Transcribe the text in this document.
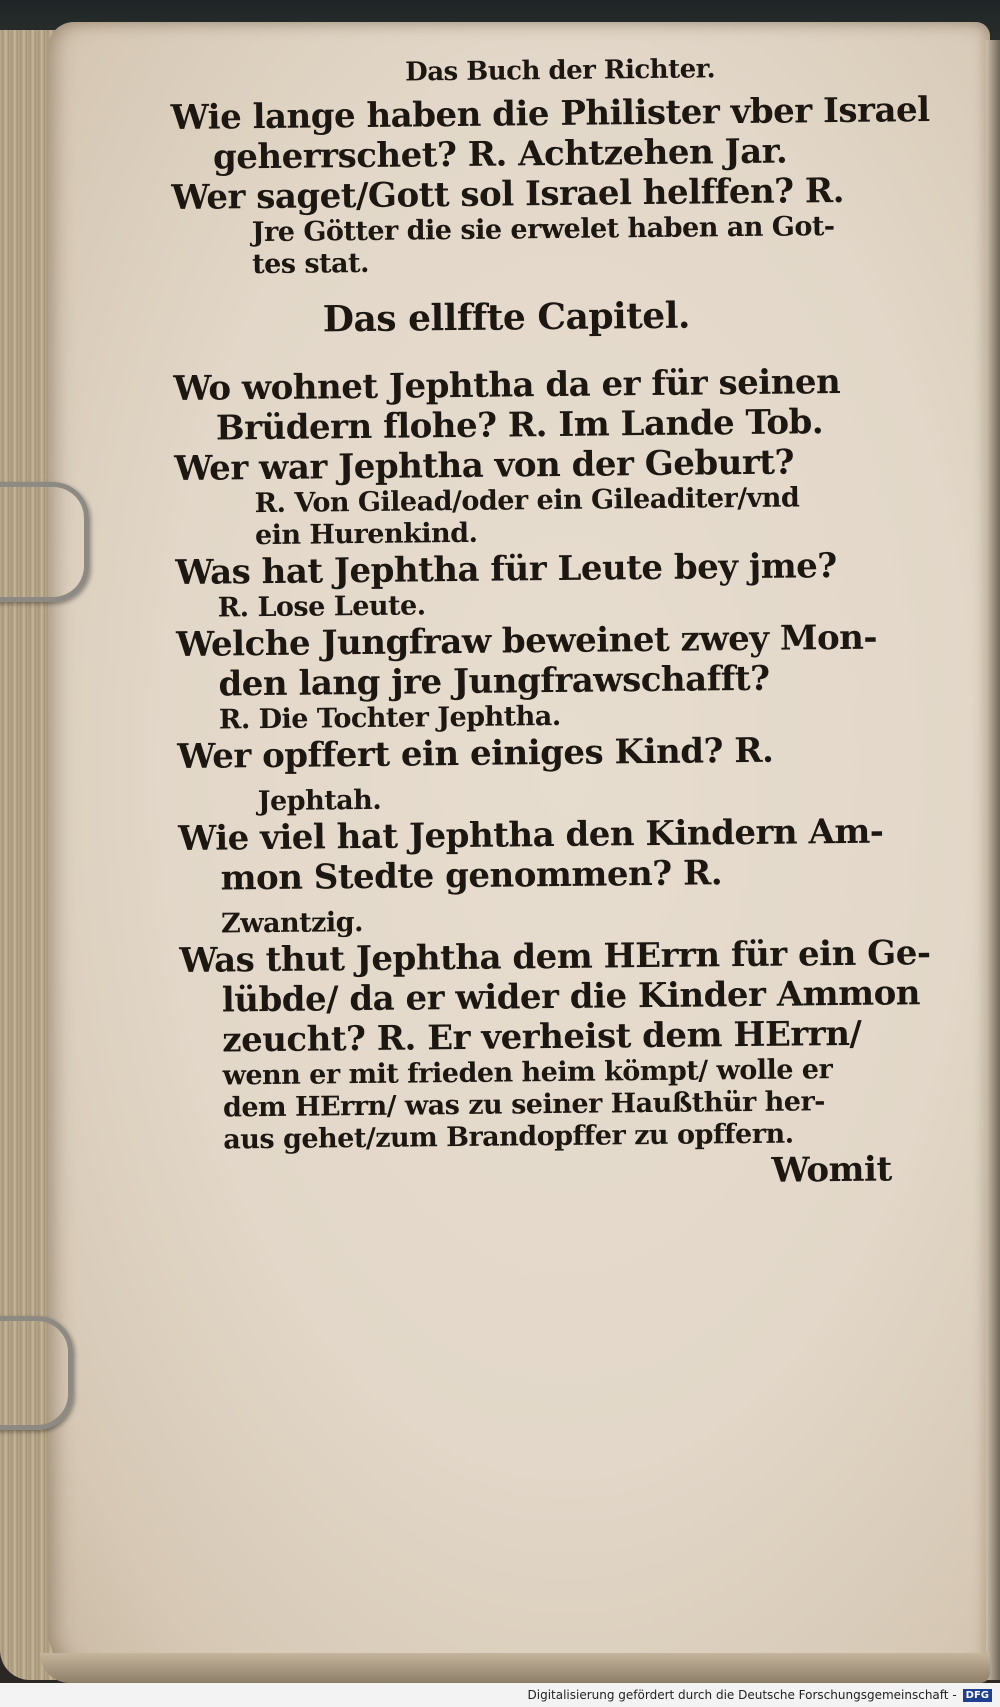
Das Buch der Richter.
Wie lange haben die Philister vber Israel
geherrschet? R. Achtzehen Jar.
Wer saget/Gott sol Israel helffen? R.
Jre Götter die sie erwelet haben an Got-
tes stat.
Das ellffte Capitel.
Wo wohnet Jephtha da er für seinen
Brüdern flohe? R. Im Lande Tob.
Wer war Jephtha von der Geburt?
R. Von Gilead/oder ein Gileaditer/vnd
ein Hurenkind.
Was hat Jephtha für Leute bey jme?
R. Lose Leute.
Welche Jungfraw beweinet zwey Mon-
den lang jre Jungfrawschafft?
R. Die Tochter Jephtha.
Wer opffert ein einiges Kind? R.
Jephtah.
Wie viel hat Jephtha den Kindern Am-
mon Stedte genommen? R.
Zwantzig.
Was thut Jephtha dem HErrn für ein Ge-
lübde/ da er wider die Kinder Ammon
zeucht? R. Er verheist dem HErrn/
wenn er mit frieden heim kömpt/ wolle er
dem HErrn/ was zu seiner Haußthür her-
aus gehet/zum Brandopffer zu opffern.
Womit
Digitalisierung gefördert durch die Deutsche Forschungsgemeinschaft - DFG
